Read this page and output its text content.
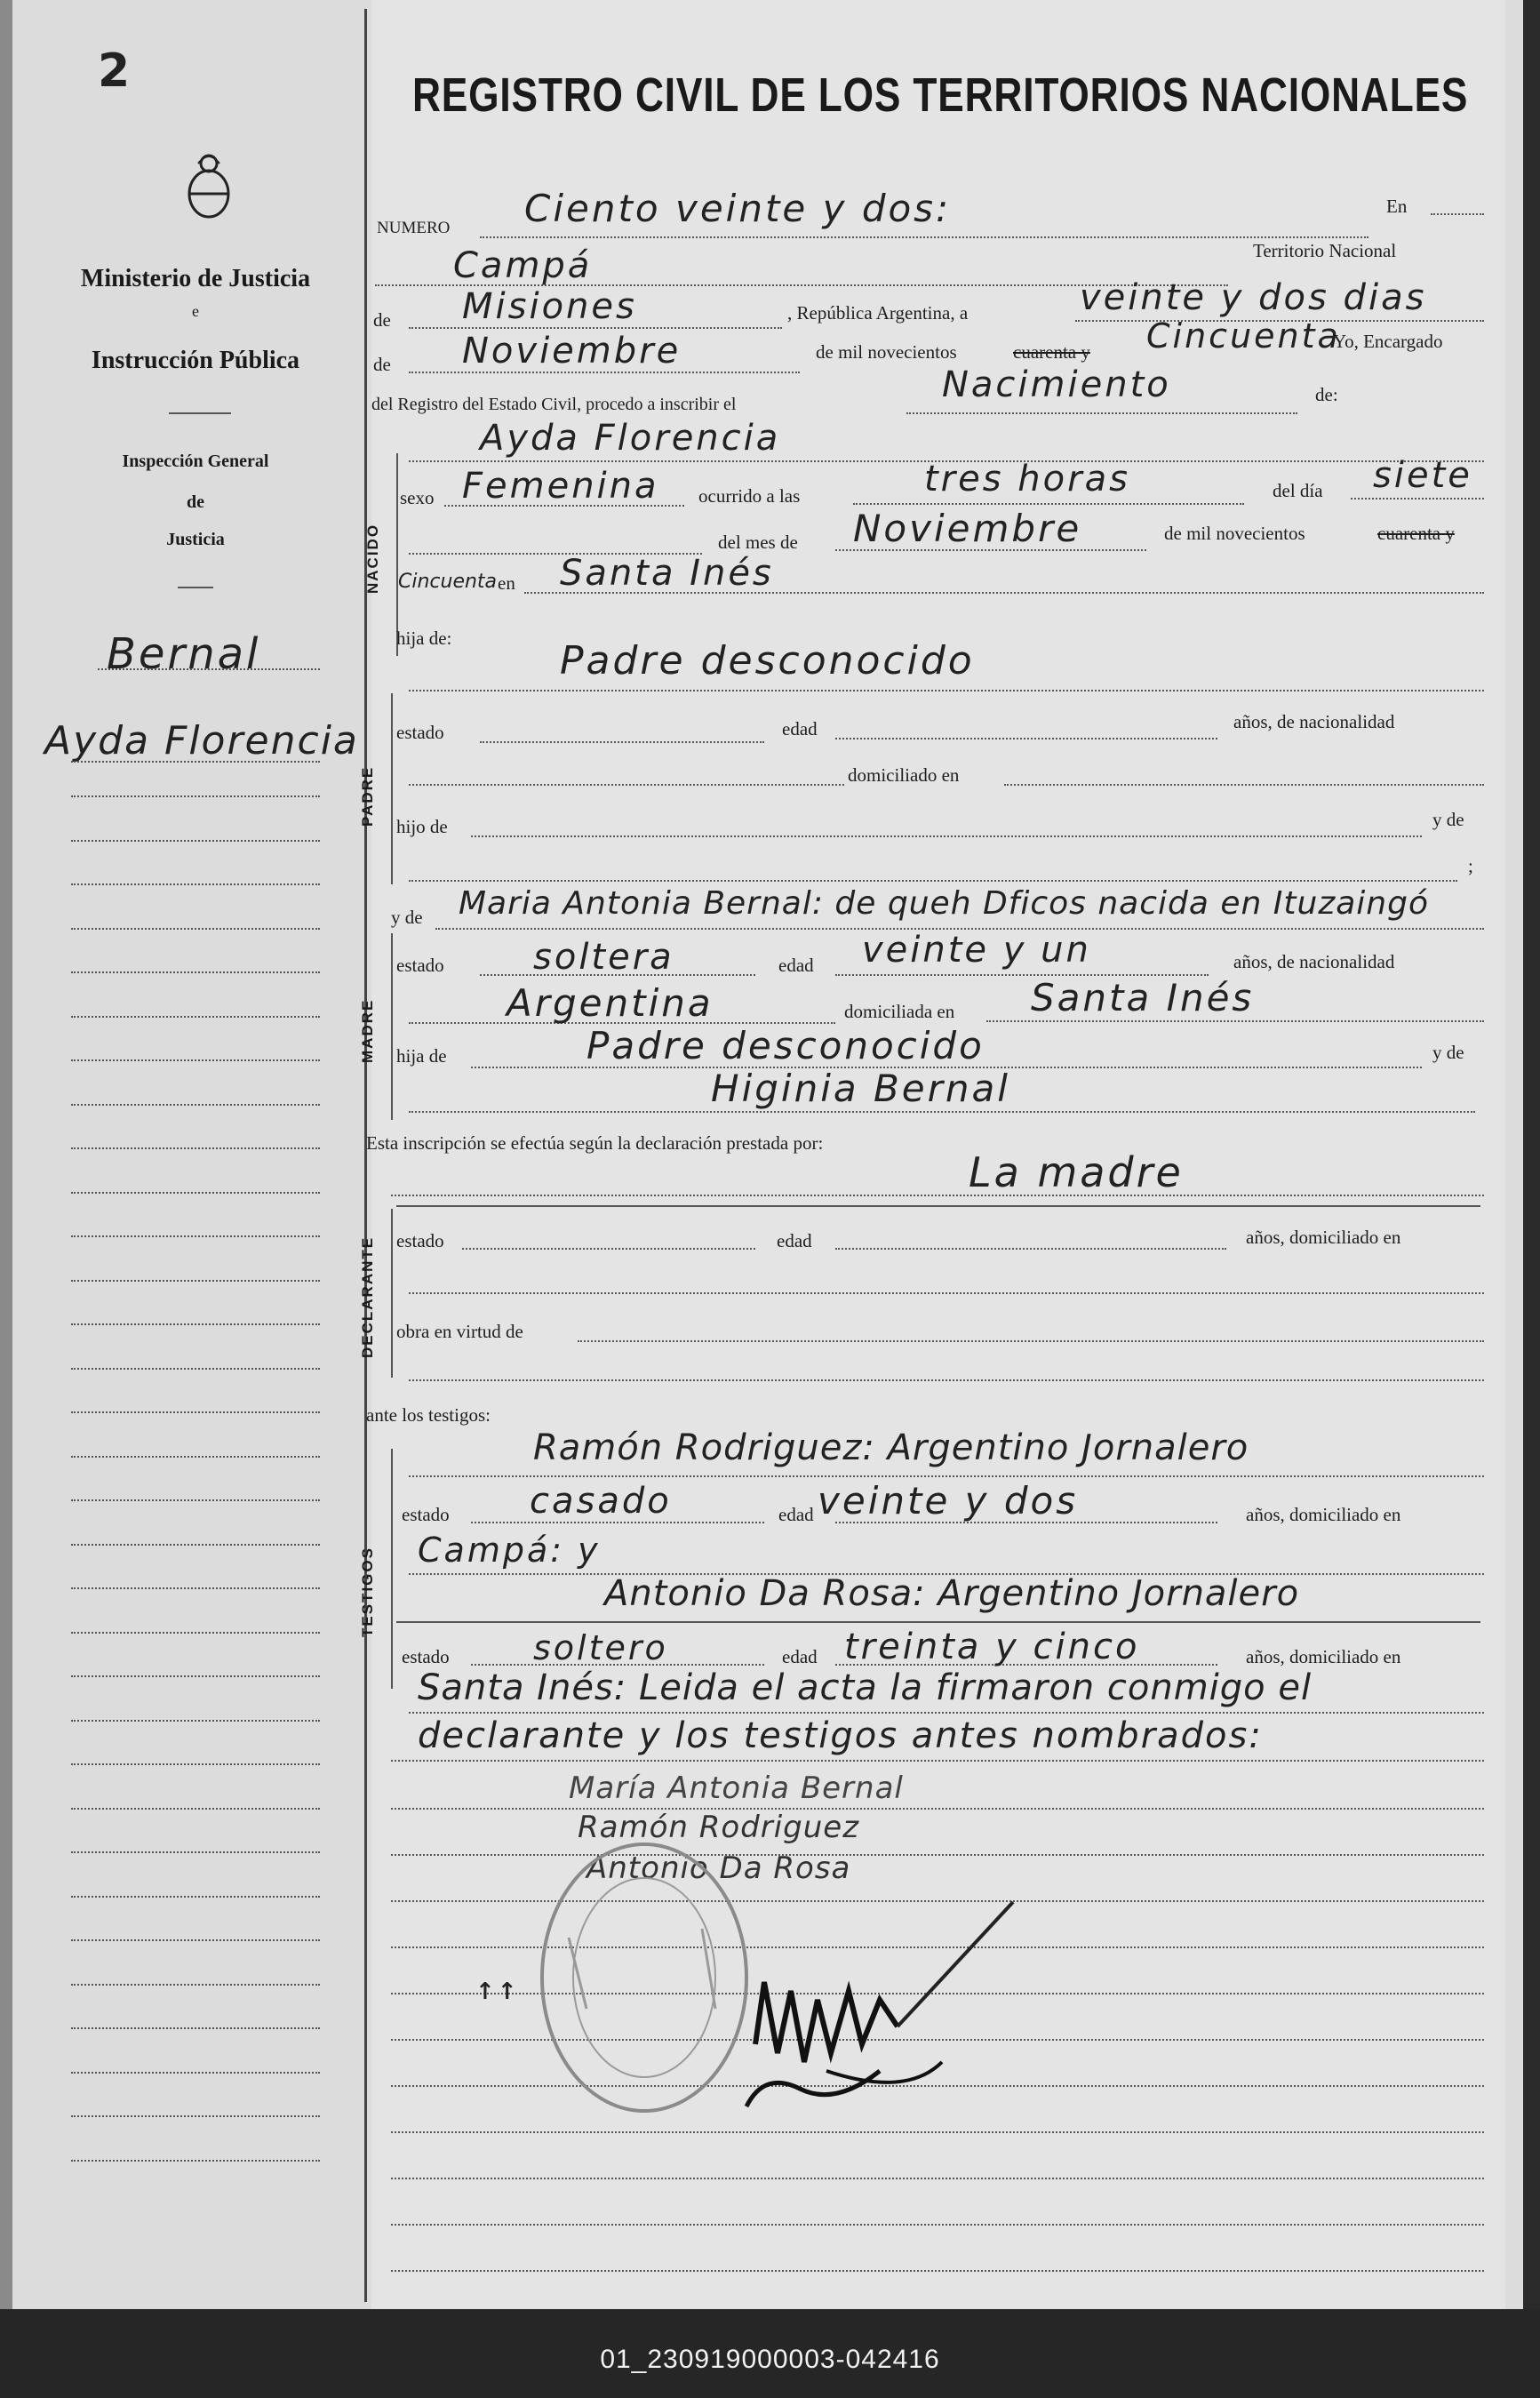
2
Ministerio de Justicia
e
Instrucción Pública
Inspección General
de
Justicia
Bernal
Ayda Florencia
REGISTRO CIVIL DE LOS TERRITORIOS NACIONALES
NUMERO Ciento veinte y dos:	En
Campá	Territorio Nacional
de Misiones	, República Argentina, a	veinte y dos dias
de Noviembre	de mil novecientos	cuarenta y Cincuenta
Yo, Encargado
del Registro del Estado Civil, procedo a inscribir el	Nacimiento	de:
NACIDO
Ayda Florencia
sexo Femenina ocurrido a las	tres horas	del día siete
del mes de Noviembre	de mil novecientos	cuarenta y
Cincuenta en Santa Inés
hija de:	Padre desconocido
PADRE
estado	edad	años, de nacionalidad
domiciliado en
hijo de	y de
;
y de Maria Antonia Bernal: de queh Dficos nacida en Ituzaingó
MADRE
estado	soltera	edad veinte y un	años, de nacionalidad
Argentina	domiciliada en Santa Inés
hija de	Padre desconocido	y de
Higinia Bernal
Esta inscripción se efectúa según la declaración prestada por:
La madre
DECLARANTE estado	edad	años, domiciliado en
obra en virtud de
ante los testigos:
Ramón Rodriguez: Argentino Jornalero
TESTIGOS
estado casado	edad veinte y dos	años, domiciliado en
Campá: y
Antonio Da Rosa: Argentino Jornalero
estado soltero	edad treinta y cinco	años, domiciliado en
Santa Inés: Leida el acta la firmaron conmigo el
declarante y los testigos antes nombrados:
María Antonia Bernal
Ramón Rodriguez
Antonio Da Rosa
↑↑
01_230919000003-042416
